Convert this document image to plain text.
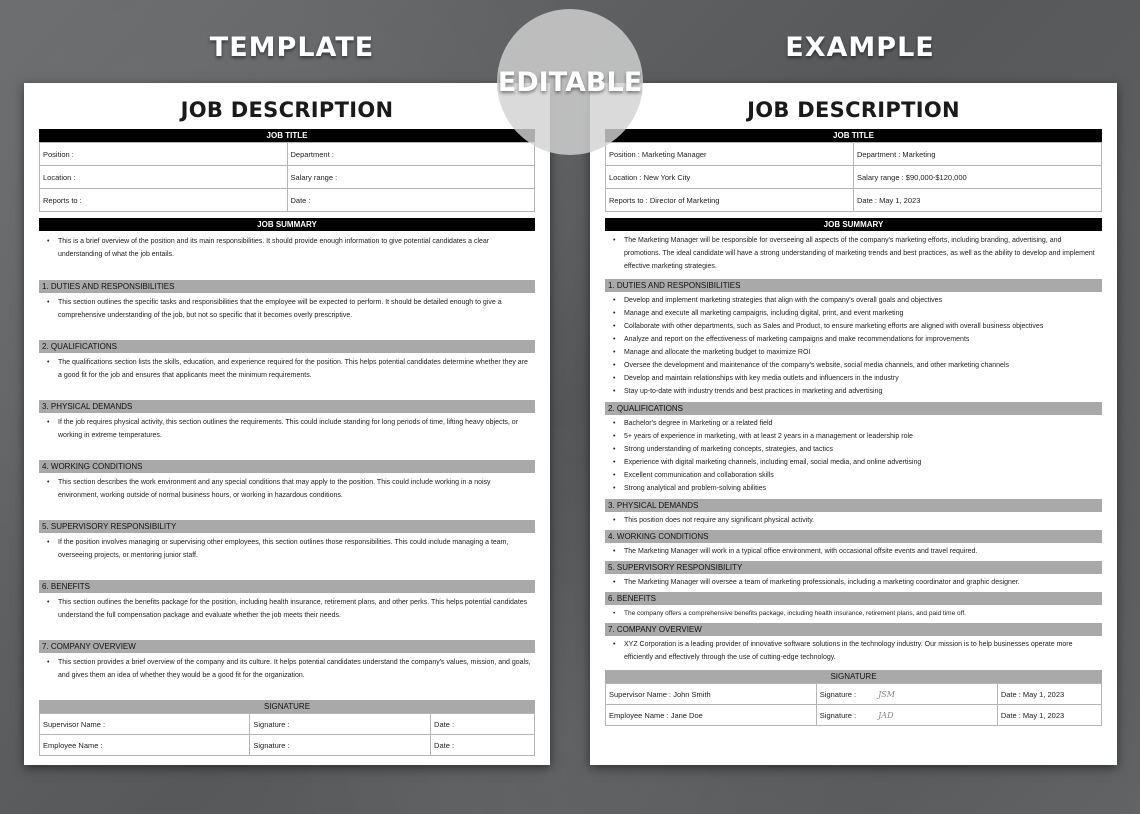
TEMPLATE	EXAMPLE
EDITABLE
JOB DESCRIPTION
JOB TITLE
Position :	Department :
Location :	Salary range :
Reports to :	Date :
JOB SUMMARY
• This is a brief overview of the position and its main responsibilities. It should provide enough information to give potential candidates a clear understanding of what the job entails.
1. DUTIES AND RESPONSIBILITIES
• This section outlines the specific tasks and responsibilities that the employee will be expected to perform. It should be detailed enough to give a comprehensive understanding of the job, but not so specific that it becomes overly prescriptive.
2. QUALIFICATIONS
• The qualifications section lists the skills, education, and experience required for the position. This helps potential candidates determine whether they are a good fit for the job and ensures that applicants meet the minimum requirements.
3. PHYSICAL DEMANDS
• If the job requires physical activity, this section outlines the requirements. This could include standing for long periods of time, lifting heavy objects, or working in extreme temperatures.
4. WORKING CONDITIONS
• This section describes the work environment and any special conditions that may apply to the position. This could include working in a noisy environment, working outside of normal business hours, or working in hazardous conditions.
5. SUPERVISORY RESPONSIBILITY
• If the position involves managing or supervising other employees, this section outlines those responsibilities. This could include managing a team, overseeing projects, or mentoring junior staff.
6. BENEFITS
• This section outlines the benefits package for the position, including health insurance, retirement plans, and other perks. This helps potential candidates understand the full compensation package and evaluate whether the job meets their needs.
7. COMPANY OVERVIEW
• This section provides a brief overview of the company and its culture. It helps potential candidates understand the company's values, mission, and goals, and gives them an idea of whether they would be a good fit for the organization.
SIGNATURE
Supervisor Name :	Signature :	Date :
Employee Name :	Signature :	Date :
JOB DESCRIPTION
JOB TITLE
Position : Marketing Manager	Department : Marketing
Location : New York City	Salary range : $90,000-$120,000
Reports to : Director of Marketing	Date : May 1, 2023
JOB SUMMARY
• The Marketing Manager will be responsible for overseeing all aspects of the company's marketing efforts, including branding, advertising, and promotions. The ideal candidate will have a strong understanding of marketing trends and best practices, as well as the ability to develop and implement effective marketing strategies.
1. DUTIES AND RESPONSIBILITIES
• Develop and implement marketing strategies that align with the company's overall goals and objectives
• Manage and execute all marketing campaigns, including digital, print, and event marketing
• Collaborate with other departments, such as Sales and Product, to ensure marketing efforts are aligned with overall business objectives
• Analyze and report on the effectiveness of marketing campaigns and make recommendations for improvements
• Manage and allocate the marketing budget to maximize ROI
• Oversee the development and maintenance of the company's website, social media channels, and other marketing channels
• Develop and maintain relationships with key media outlets and influencers in the industry
• Stay up-to-date with industry trends and best practices in marketing and advertising
2. QUALIFICATIONS
• Bachelor's degree in Marketing or a related field
• 5+ years of experience in marketing, with at least 2 years in a management or leadership role
• Strong understanding of marketing concepts, strategies, and tactics
• Experience with digital marketing channels, including email, social media, and online advertising
• Excellent communication and collaboration skills
• Strong analytical and problem-solving abilities
3. PHYSICAL DEMANDS
• This position does not require any significant physical activity.
4. WORKING CONDITIONS
• The Marketing Manager will work in a typical office environment, with occasional offsite events and travel required.
5. SUPERVISORY RESPONSIBILITY
• The Marketing Manager will oversee a team of marketing professionals, including a marketing coordinator and graphic designer.
6. BENEFITS
• The company offers a comprehensive benefits package, including health insurance, retirement plans, and paid time off.
7. COMPANY OVERVIEW
• XYZ Corporation is a leading provider of innovative software solutions in the technology industry. Our mission is to help businesses operate more efficiently and effectively through the use of cutting-edge technology.
SIGNATURE
Supervisor Name : John Smith	Signature : JSM	Date : May 1, 2023
Employee Name : Jane Doe	Signature : JAD	Date : May 1, 2023
